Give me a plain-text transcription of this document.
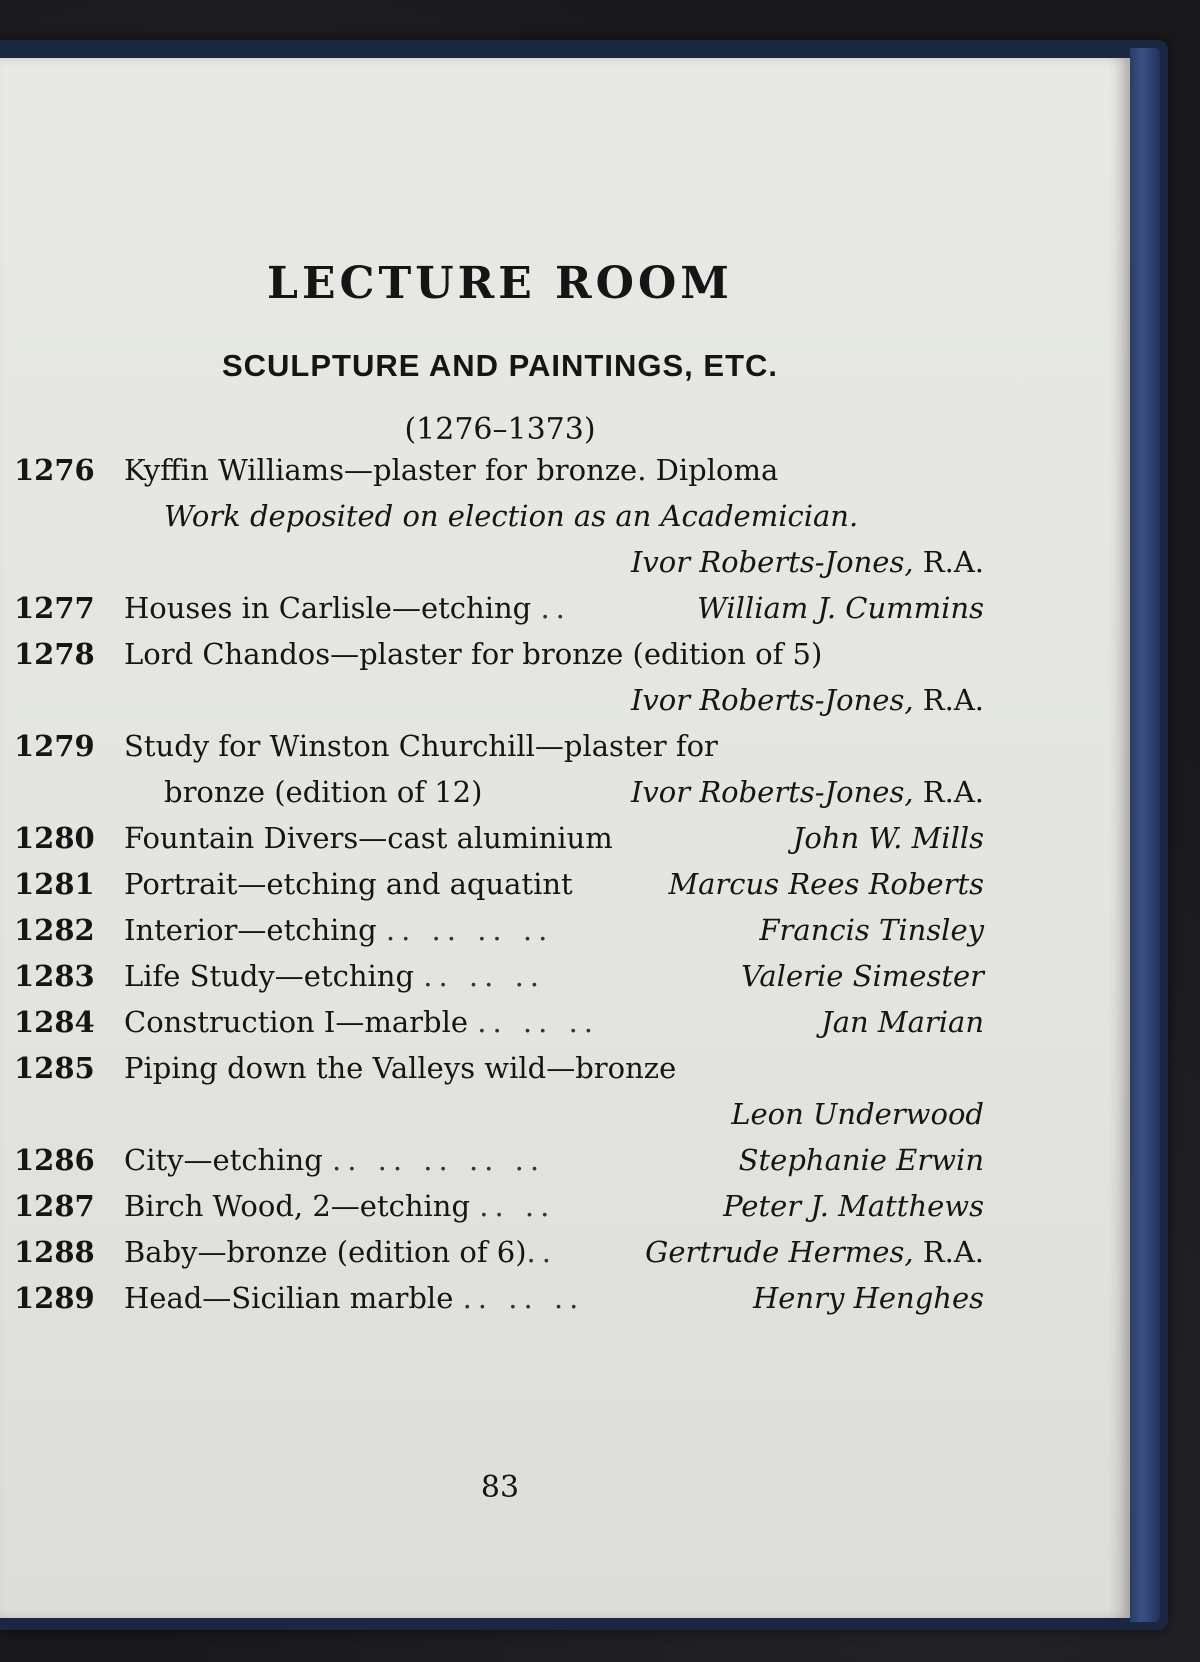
LECTURE ROOM
SCULPTURE AND PAINTINGS, ETC.
(1276–1373)
1276	Kyffin Williams—plaster for bronze. Diploma
Work deposited on election as an Academician.
Ivor Roberts-Jones, R.A.
1277	Houses in Carlisle—etching ..	William J. Cummins
1278	Lord Chandos—plaster for bronze (edition of 5)
Ivor Roberts-Jones, R.A.
1279	Study for Winston Churchill—plaster for
bronze (edition of 12)	Ivor Roberts-Jones, R.A.
1280	Fountain Divers—cast aluminium	John W. Mills
1281	Portrait—etching and aquatint	Marcus Rees Roberts
1282	Interior—etching .. .. .. ..	Francis Tinsley
1283	Life Study—etching .. .. ..	Valerie Simester
1284	Construction I—marble .. .. ..	Jan Marian
1285	Piping down the Valleys wild—bronze
Leon Underwood
1286	City—etching .. .. .. .. ..	Stephanie Erwin
1287	Birch Wood, 2—etching .. ..	Peter J. Matthews
1288	Baby—bronze (edition of 6)..	Gertrude Hermes, R.A.
1289	Head—Sicilian marble .. .. ..	Henry Henghes
83
